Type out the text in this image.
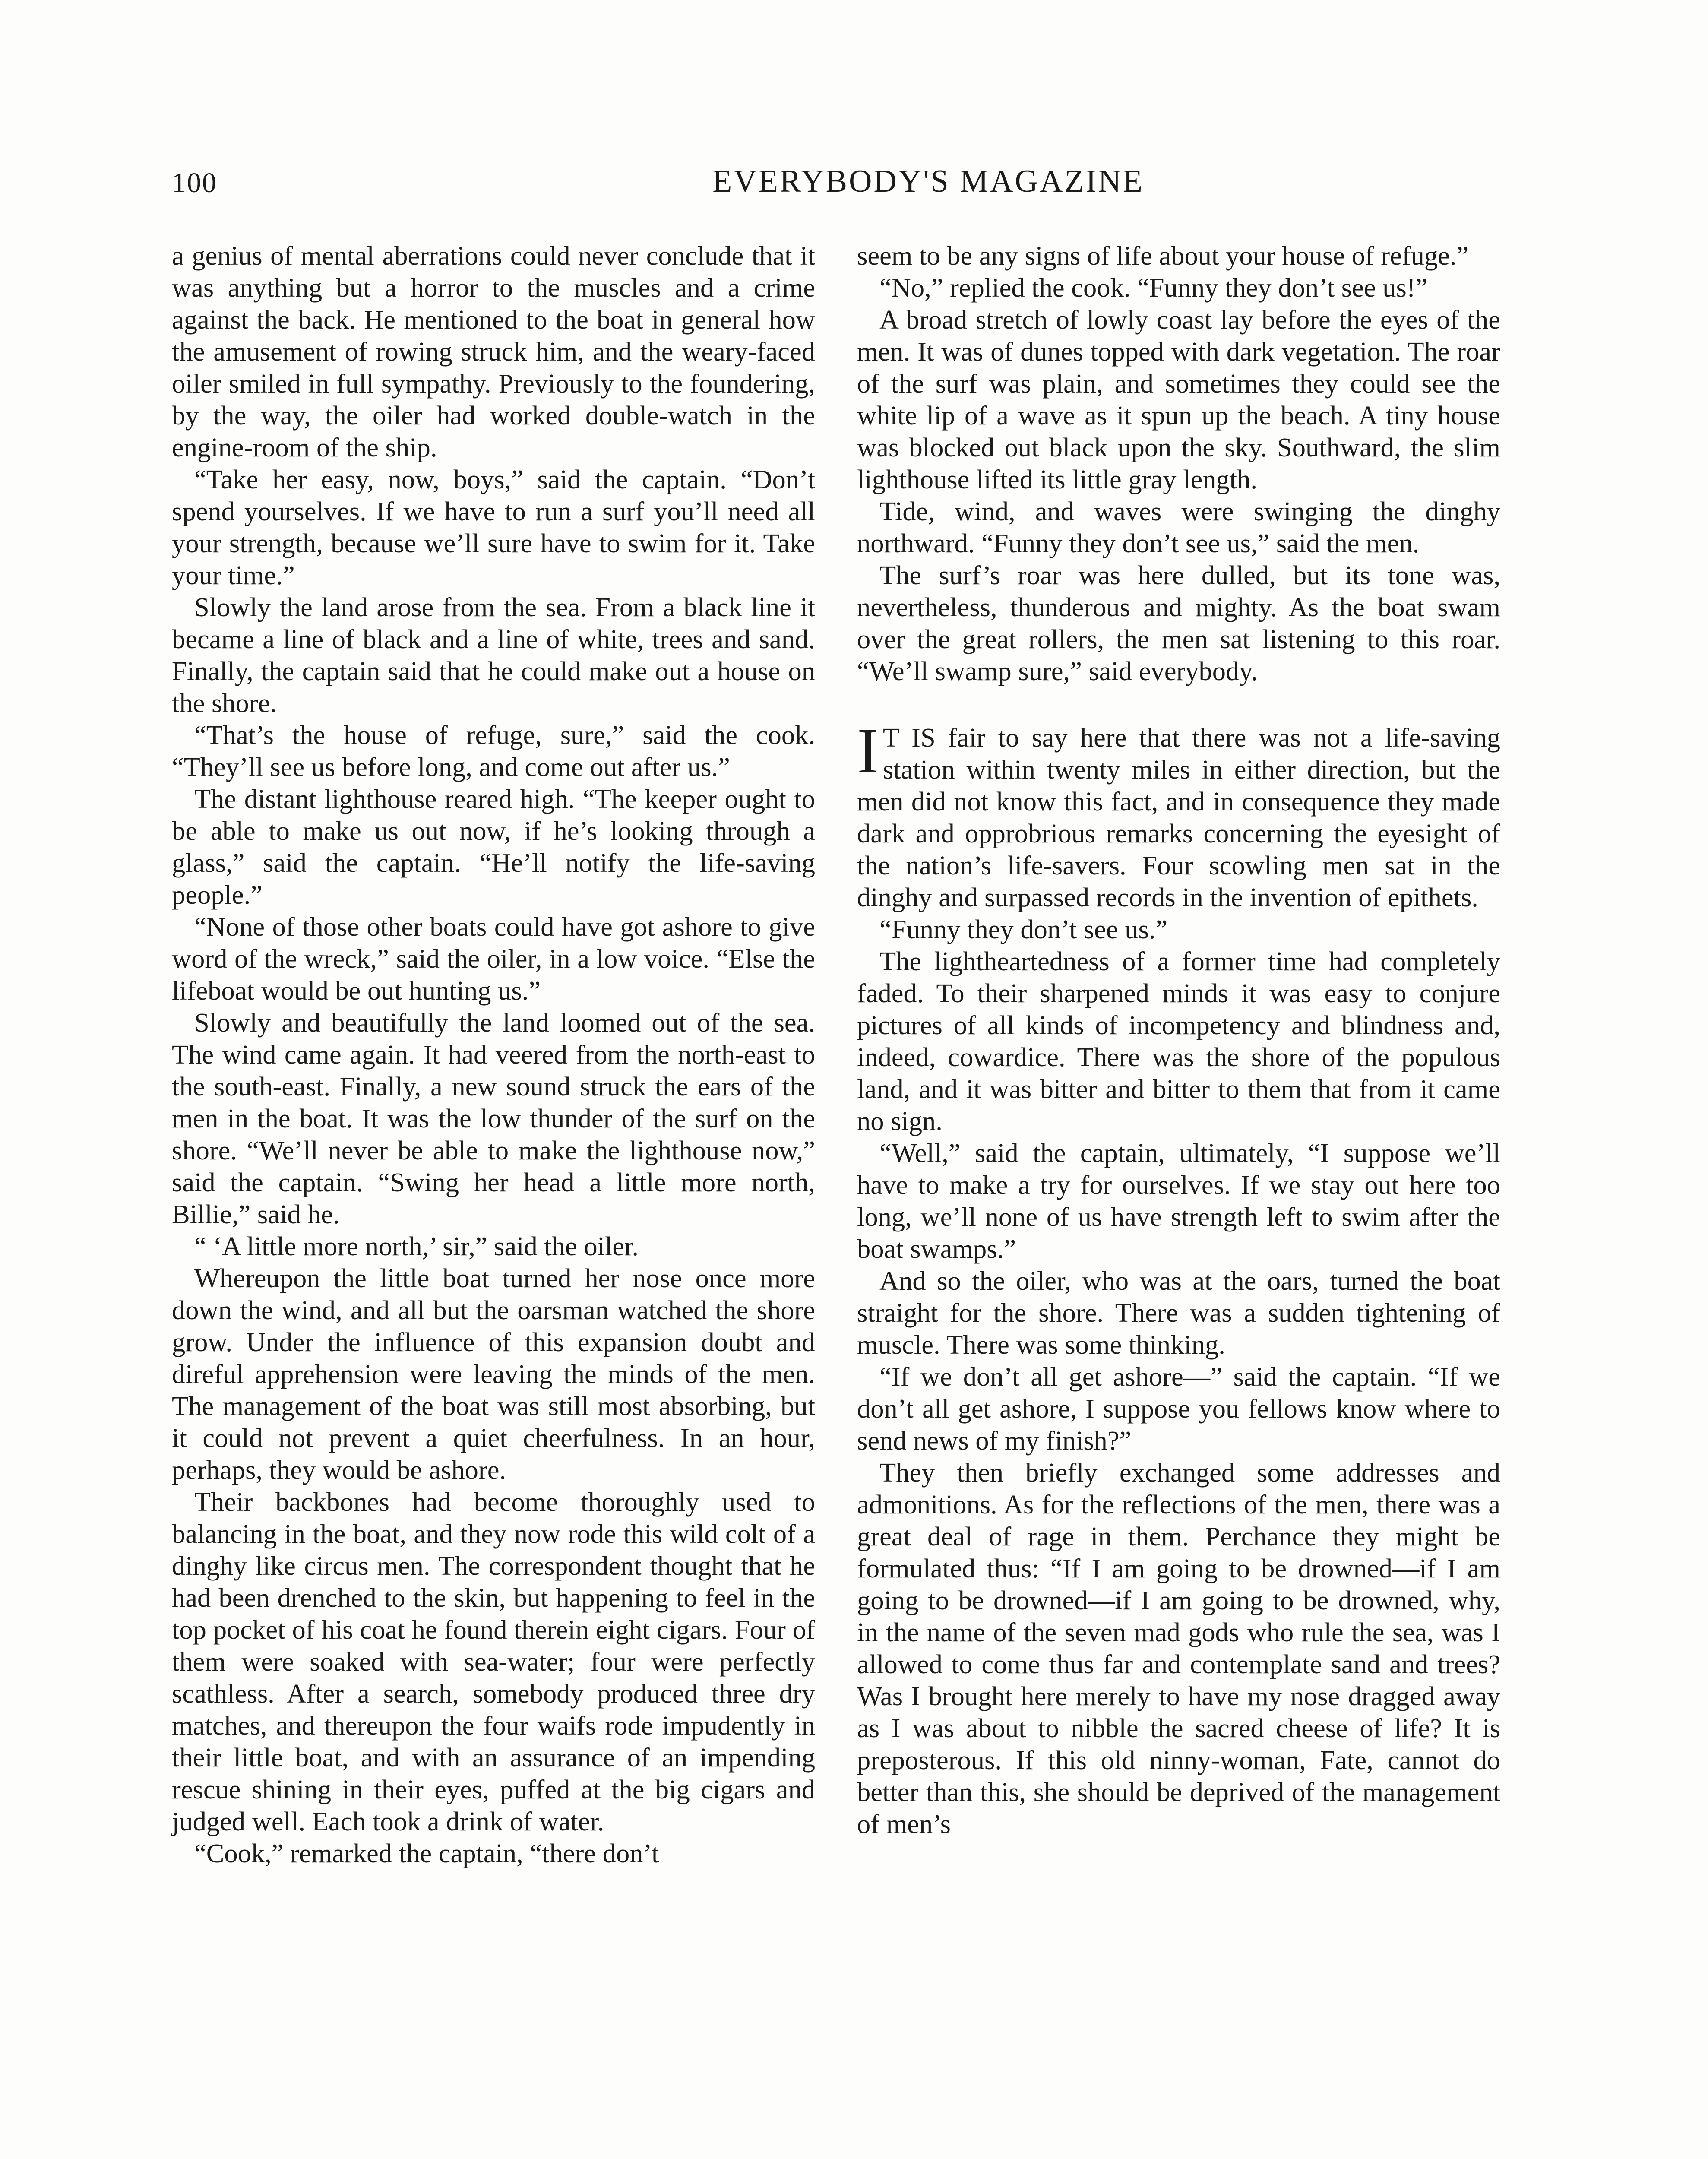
100	EVERYBODY'S MAGAZINE

a genius of mental aberrations could never conclude that it was anything but a horror to the muscles and a crime against the back. He mentioned to the boat in general how the amusement of rowing struck him, and the weary-faced oiler smiled in full sympathy. Previously to the foundering, by the way, the oiler had worked double-watch in the engine-room of the ship.

“Take her easy, now, boys,” said the captain. “Don’t spend yourselves. If we have to run a surf you’ll need all your strength, because we’ll sure have to swim for it. Take your time.”

Slowly the land arose from the sea. From a black line it became a line of black and a line of white, trees and sand. Finally, the captain said that he could make out a house on the shore.

“That’s the house of refuge, sure,” said the cook. “They’ll see us before long, and come out after us.”

The distant lighthouse reared high. “The keeper ought to be able to make us out now, if he’s looking through a glass,” said the captain. “He’ll notify the life-saving people.”

“None of those other boats could have got ashore to give word of the wreck,” said the oiler, in a low voice. “Else the lifeboat would be out hunting us.”

Slowly and beautifully the land loomed out of the sea. The wind came again. It had veered from the north-east to the south-east. Finally, a new sound struck the ears of the men in the boat. It was the low thunder of the surf on the shore. “We’ll never be able to make the lighthouse now,” said the captain. “Swing her head a little more north, Billie,” said he.

“ ‘A little more north,’ sir,” said the oiler.

Whereupon the little boat turned her nose once more down the wind, and all but the oarsman watched the shore grow. Under the influence of this expansion doubt and direful apprehension were leaving the minds of the men. The management of the boat was still most absorbing, but it could not prevent a quiet cheerfulness. In an hour, perhaps, they would be ashore.

Their backbones had become thoroughly used to balancing in the boat, and they now rode this wild colt of a dinghy like circus men. The correspondent thought that he had been drenched to the skin, but happening to feel in the top pocket of his coat he found therein eight cigars. Four of them were soaked with sea-water; four were perfectly scathless. After a search, somebody produced three dry matches, and thereupon the four waifs rode impudently in their little boat, and with an assurance of an impending rescue shining in their eyes, puffed at the big cigars and judged well. Each took a drink of water.

“Cook,” remarked the captain, “there don’t

seem to be any signs of life about your house of refuge.”

“No,” replied the cook. “Funny they don’t see us!”

A broad stretch of lowly coast lay before the eyes of the men. It was of dunes topped with dark vegetation. The roar of the surf was plain, and sometimes they could see the white lip of a wave as it spun up the beach. A tiny house was blocked out black upon the sky. Southward, the slim lighthouse lifted its little gray length.

Tide, wind, and waves were swinging the dinghy northward. “Funny they don’t see us,” said the men.

The surf’s roar was here dulled, but its tone was, nevertheless, thunderous and mighty. As the boat swam over the great rollers, the men sat listening to this roar. “We’ll swamp sure,” said everybody.

I T IS fair to say here that there was not a life-saving station within twenty miles in either direction, but the men did not know this fact, and in consequence they made dark and opprobrious remarks concerning the eyesight of the nation’s life-savers. Four scowling men sat in the dinghy and surpassed records in the invention of epithets.

“Funny they don’t see us.”

The lightheartedness of a former time had completely faded. To their sharpened minds it was easy to conjure pictures of all kinds of incompetency and blindness and, indeed, cowardice. There was the shore of the populous land, and it was bitter and bitter to them that from it came no sign.

“Well,” said the captain, ultimately, “I suppose we’ll have to make a try for ourselves. If we stay out here too long, we’ll none of us have strength left to swim after the boat swamps.”

And so the oiler, who was at the oars, turned the boat straight for the shore. There was a sudden tightening of muscle. There was some thinking.

“If we don’t all get ashore—” said the captain. “If we don’t all get ashore, I suppose you fellows know where to send news of my finish?”

They then briefly exchanged some addresses and admonitions. As for the reflections of the men, there was a great deal of rage in them. Perchance they might be formulated thus: “If I am going to be drowned—if I am going to be drowned—if I am going to be drowned, why, in the name of the seven mad gods who rule the sea, was I allowed to come thus far and contemplate sand and trees? Was I brought here merely to have my nose dragged away as I was about to nibble the sacred cheese of life? It is preposterous. If this old ninny-woman, Fate, cannot do better than this, she should be deprived of the management of men’s
